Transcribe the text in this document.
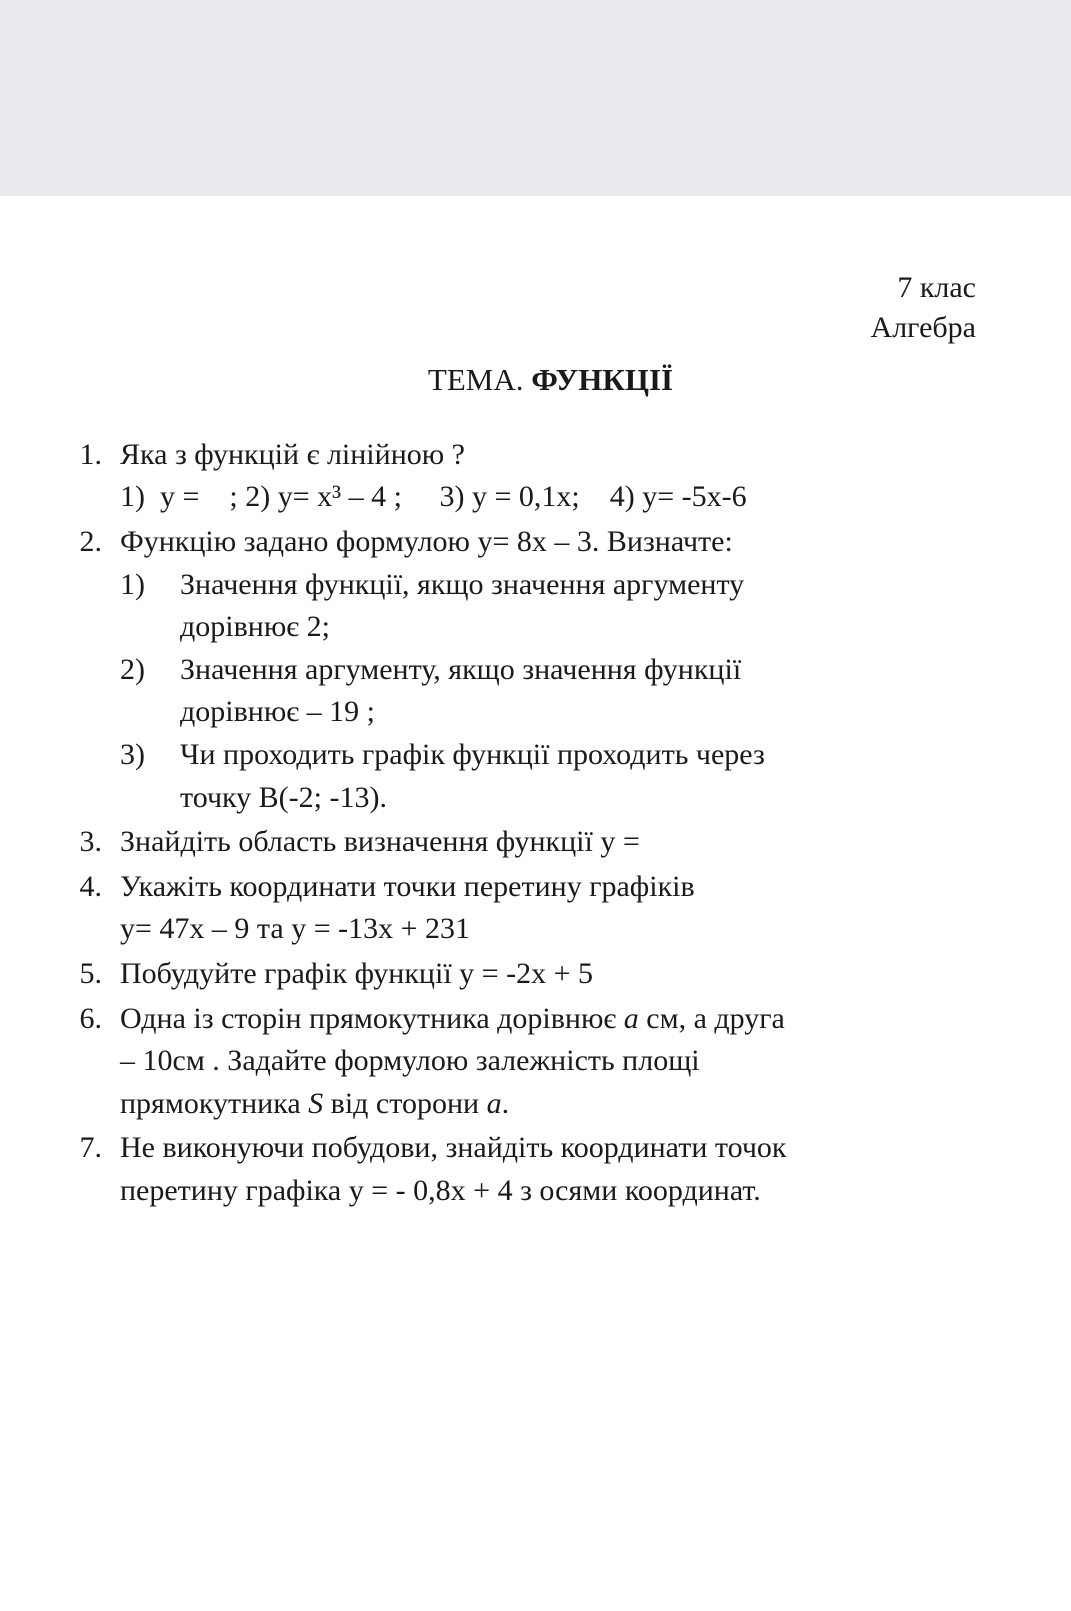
7 клас
Алгебра
ТЕМА. ФУНКЦІЇ
1. Яка з функцій є лінійною ?
1)  y =    ; 2) y= x³ – 4 ;     3) y = 0,1x;    4) y= -5x-6
2. Функцію задано формулою y= 8x – 3. Визначте:
1)	Значення функції, якщо значення аргументу
дорівнює 2;
2)	Значення аргументу, якщо значення функції
дорівнює – 19 ;
3)	Чи проходить графік функції проходить через
точку В(-2; -13).
3. Знайдіть область визначення функції y =
4. Укажіть координати точки перетину графіків
y= 47x – 9 та y = -13x + 231
5. Побудуйте графік функції y = -2x + 5
6. Одна із сторін прямокутника дорівнює a см, а друга
– 10см . Задайте формулою залежність площі
прямокутника S від сторони a.
7. Не виконуючи побудови, знайдіть координати точок
перетину графіка y = - 0,8x + 4 з осями координат.
